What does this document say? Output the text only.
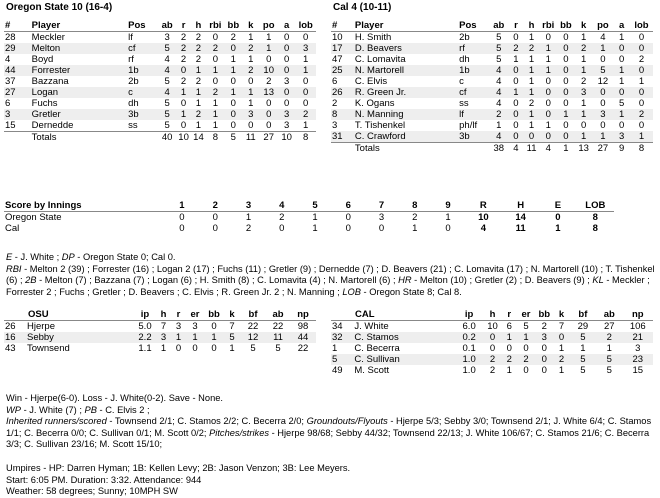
Oregon State 10 (16-4)
#	Player	Pos	ab	r	h	rbi	bb	k	po	a	lob
28	Meckler	lf	3	2	2	0	2	1	1	0	0
29	Melton	cf	5	2	2	2	0	2	1	0	3
4	Boyd	rf	4	2	2	0	1	1	0	0	1
44	Forrester	1b	4	0	1	1	1	2	10	0	1
37	Bazzana	2b	5	2	2	0	0	0	2	3	0
27	Logan	c	4	1	1	2	1	1	13	0	0
6	Fuchs	dh	5	0	1	1	0	1	0	0	0
3	Gretler	3b	5	1	2	1	0	3	0	3	2
15	Dernedde	ss	5	0	1	1	0	0	0	3	1
	Totals		40	10	14	8	5	11	27	10	8
Cal 4 (10-11)
#	Player	Pos	ab	r	h	rbi	bb	k	po	a	lob
10	H. Smith	2b	5	0	1	0	0	1	4	1	0
17	D. Beavers	rf	5	2	2	1	0	2	1	0	0
47	C. Lomavita	dh	5	1	1	1	0	1	0	0	2
25	N. Martorell	1b	4	0	1	1	0	1	5	1	0
6	C. Elvis	c	4	0	1	0	0	2	12	1	1
26	R. Green Jr.	cf	4	1	1	0	0	3	0	0	0
2	K. Ogans	ss	4	0	2	0	0	1	0	5	0
8	N. Manning	lf	2	0	1	0	1	1	3	1	2
3	T. Tishenkel	ph/lf	1	0	1	1	0	0	0	0	0
31	C. Crawford	3b	4	0	0	0	0	1	1	3	1
	Totals		38	4	11	4	1	13	27	9	8
Score by Innings	1	2	3	4	5	6	7	8	9	R	H	E	LOB
Oregon State	0	0	1	2	1	0	3	2	1	10	14	0	8
Cal	0	0	2	0	1	0	0	1	0	4	11	1	8
E - J. White ; DP - Oregon State 0; Cal 0.
RBI - Melton 2 (39) ; Forrester (16) ; Logan 2 (17) ; Fuchs (11) ; Gretler (9) ; Dernedde (7) ; D. Beavers (21) ; C. Lomavita (17) ; N. Martorell (10) ; T. Tishenkel (6) ; 2B - Melton (7) ; Bazzana (7) ; Logan (6) ; H. Smith (8) ; C. Lomavita (4) ; N. Martorell (6) ; HR - Melton (10) ; Gretler (2) ; D. Beavers (9) ; KL - Meckler ; Forrester 2 ; Fuchs ; Gretler ; D. Beavers ; C. Elvis ; R. Green Jr. 2 ; N. Manning ; LOB - Oregon State 8; Cal 8.
OSU		ip	h	r	er	bb	k	bf	ab	np
26	Hjerpe	5.0	7	3	3	0	7	22	22	98
16	Sebby	2.2	3	1	1	1	5	12	11	44
43	Townsend	1.1	1	0	0	0	1	5	5	22
CAL		ip	h	r	er	bb	k	bf	ab	np
34	J. White	6.0	10	6	5	2	7	29	27	106
32	C. Stamos	0.2	0	1	1	3	0	5	2	21
1	C. Becerra	0.1	0	0	0	0	1	1	1	3
5	C. Sullivan	1.0	2	2	2	0	2	5	5	23
49	M. Scott	1.0	2	1	0	0	1	5	5	15
Win - Hjerpe(6-0). Loss - J. White(0-2). Save - None.
WP - J. White (7) ; PB - C. Elvis 2 ;
Inherited runners/scored - Townsend 2/1; C. Stamos 2/2; C. Becerra 2/0; Groundouts/Flyouts - Hjerpe 5/3; Sebby 3/0; Townsend 2/1; J. White 6/4; C. Stamos 1/1; C. Becerra 0/0; C. Sullivan 0/1; M. Scott 0/2; Pitches/strikes - Hjerpe 98/68; Sebby 44/32; Townsend 22/13; J. White 106/67; C. Stamos 21/6; C. Becerra 3/3; C. Sullivan 23/16; M. Scott 15/10;
Umpires - HP: Darren Hyman; 1B: Kellen Levy; 2B: Jason Venzon; 3B: Lee Meyers.
Start: 6:05 PM. Duration: 3:32. Attendance: 944
Weather: 58 degrees; Sunny; 10MPH SW
